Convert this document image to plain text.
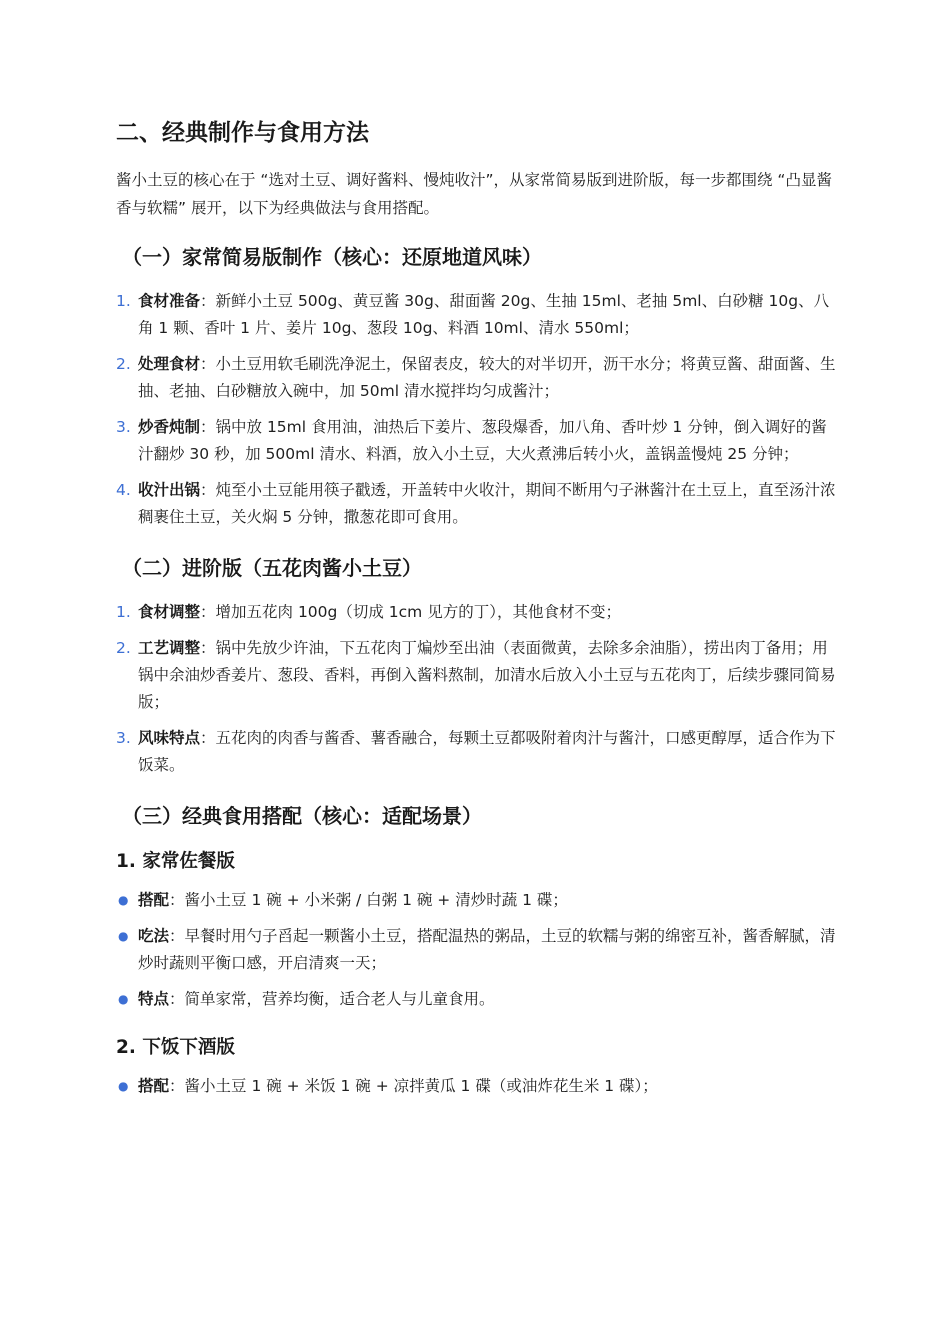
二、经典制作与食用方法

酱小土豆的核心在于 “选对土豆、调好酱料、慢炖收汁”，从家常简易版到进阶版，每一步都围绕 “凸显酱香与软糯” 展开，以下为经典做法与食用搭配。

（一）家常简易版制作（核心：还原地道风味）
1. 食材准备：新鲜小土豆 500g、黄豆酱 30g、甜面酱 20g、生抽 15ml、老抽 5ml、白砂糖 10g、八角 1 颗、香叶 1 片、姜片 10g、葱段 10g、料酒 10ml、清水 550ml；
2. 处理食材：小土豆用软毛刷洗净泥土，保留表皮，较大的对半切开，沥干水分；将黄豆酱、甜面酱、生抽、老抽、白砂糖放入碗中，加 50ml 清水搅拌均匀成酱汁；
3. 炒香炖制：锅中放 15ml 食用油，油热后下姜片、葱段爆香，加八角、香叶炒 1 分钟，倒入调好的酱汁翻炒 30 秒，加 500ml 清水、料酒，放入小土豆，大火煮沸后转小火，盖锅盖慢炖 25 分钟；
4. 收汁出锅：炖至小土豆能用筷子戳透，开盖转中火收汁，期间不断用勺子淋酱汁在土豆上，直至汤汁浓稠裹住土豆，关火焖 5 分钟，撒葱花即可食用。
（二）进阶版（五花肉酱小土豆）
1. 食材调整：增加五花肉 100g（切成 1cm 见方的丁），其他食材不变；
2. 工艺调整：锅中先放少许油，下五花肉丁煸炒至出油（表面微黄，去除多余油脂），捞出肉丁备用；用锅中余油炒香姜片、葱段、香料，再倒入酱料熬制，加清水后放入小土豆与五花肉丁，后续步骤同简易版；
3. 风味特点：五花肉的肉香与酱香、薯香融合，每颗土豆都吸附着肉汁与酱汁，口感更醇厚，适合作为下饭菜。
（三）经典食用搭配（核心：适配场景）
1. 家常佐餐版
● 搭配：酱小土豆 1 碗 + 小米粥 / 白粥 1 碗 + 清炒时蔬 1 碟；
● 吃法：早餐时用勺子舀起一颗酱小土豆，搭配温热的粥品，土豆的软糯与粥的绵密互补，酱香解腻，清炒时蔬则平衡口感，开启清爽一天；
● 特点：简单家常，营养均衡，适合老人与儿童食用。
2. 下饭下酒版
● 搭配：酱小土豆 1 碗 + 米饭 1 碗 + 凉拌黄瓜 1 碟（或油炸花生米 1 碟）；
